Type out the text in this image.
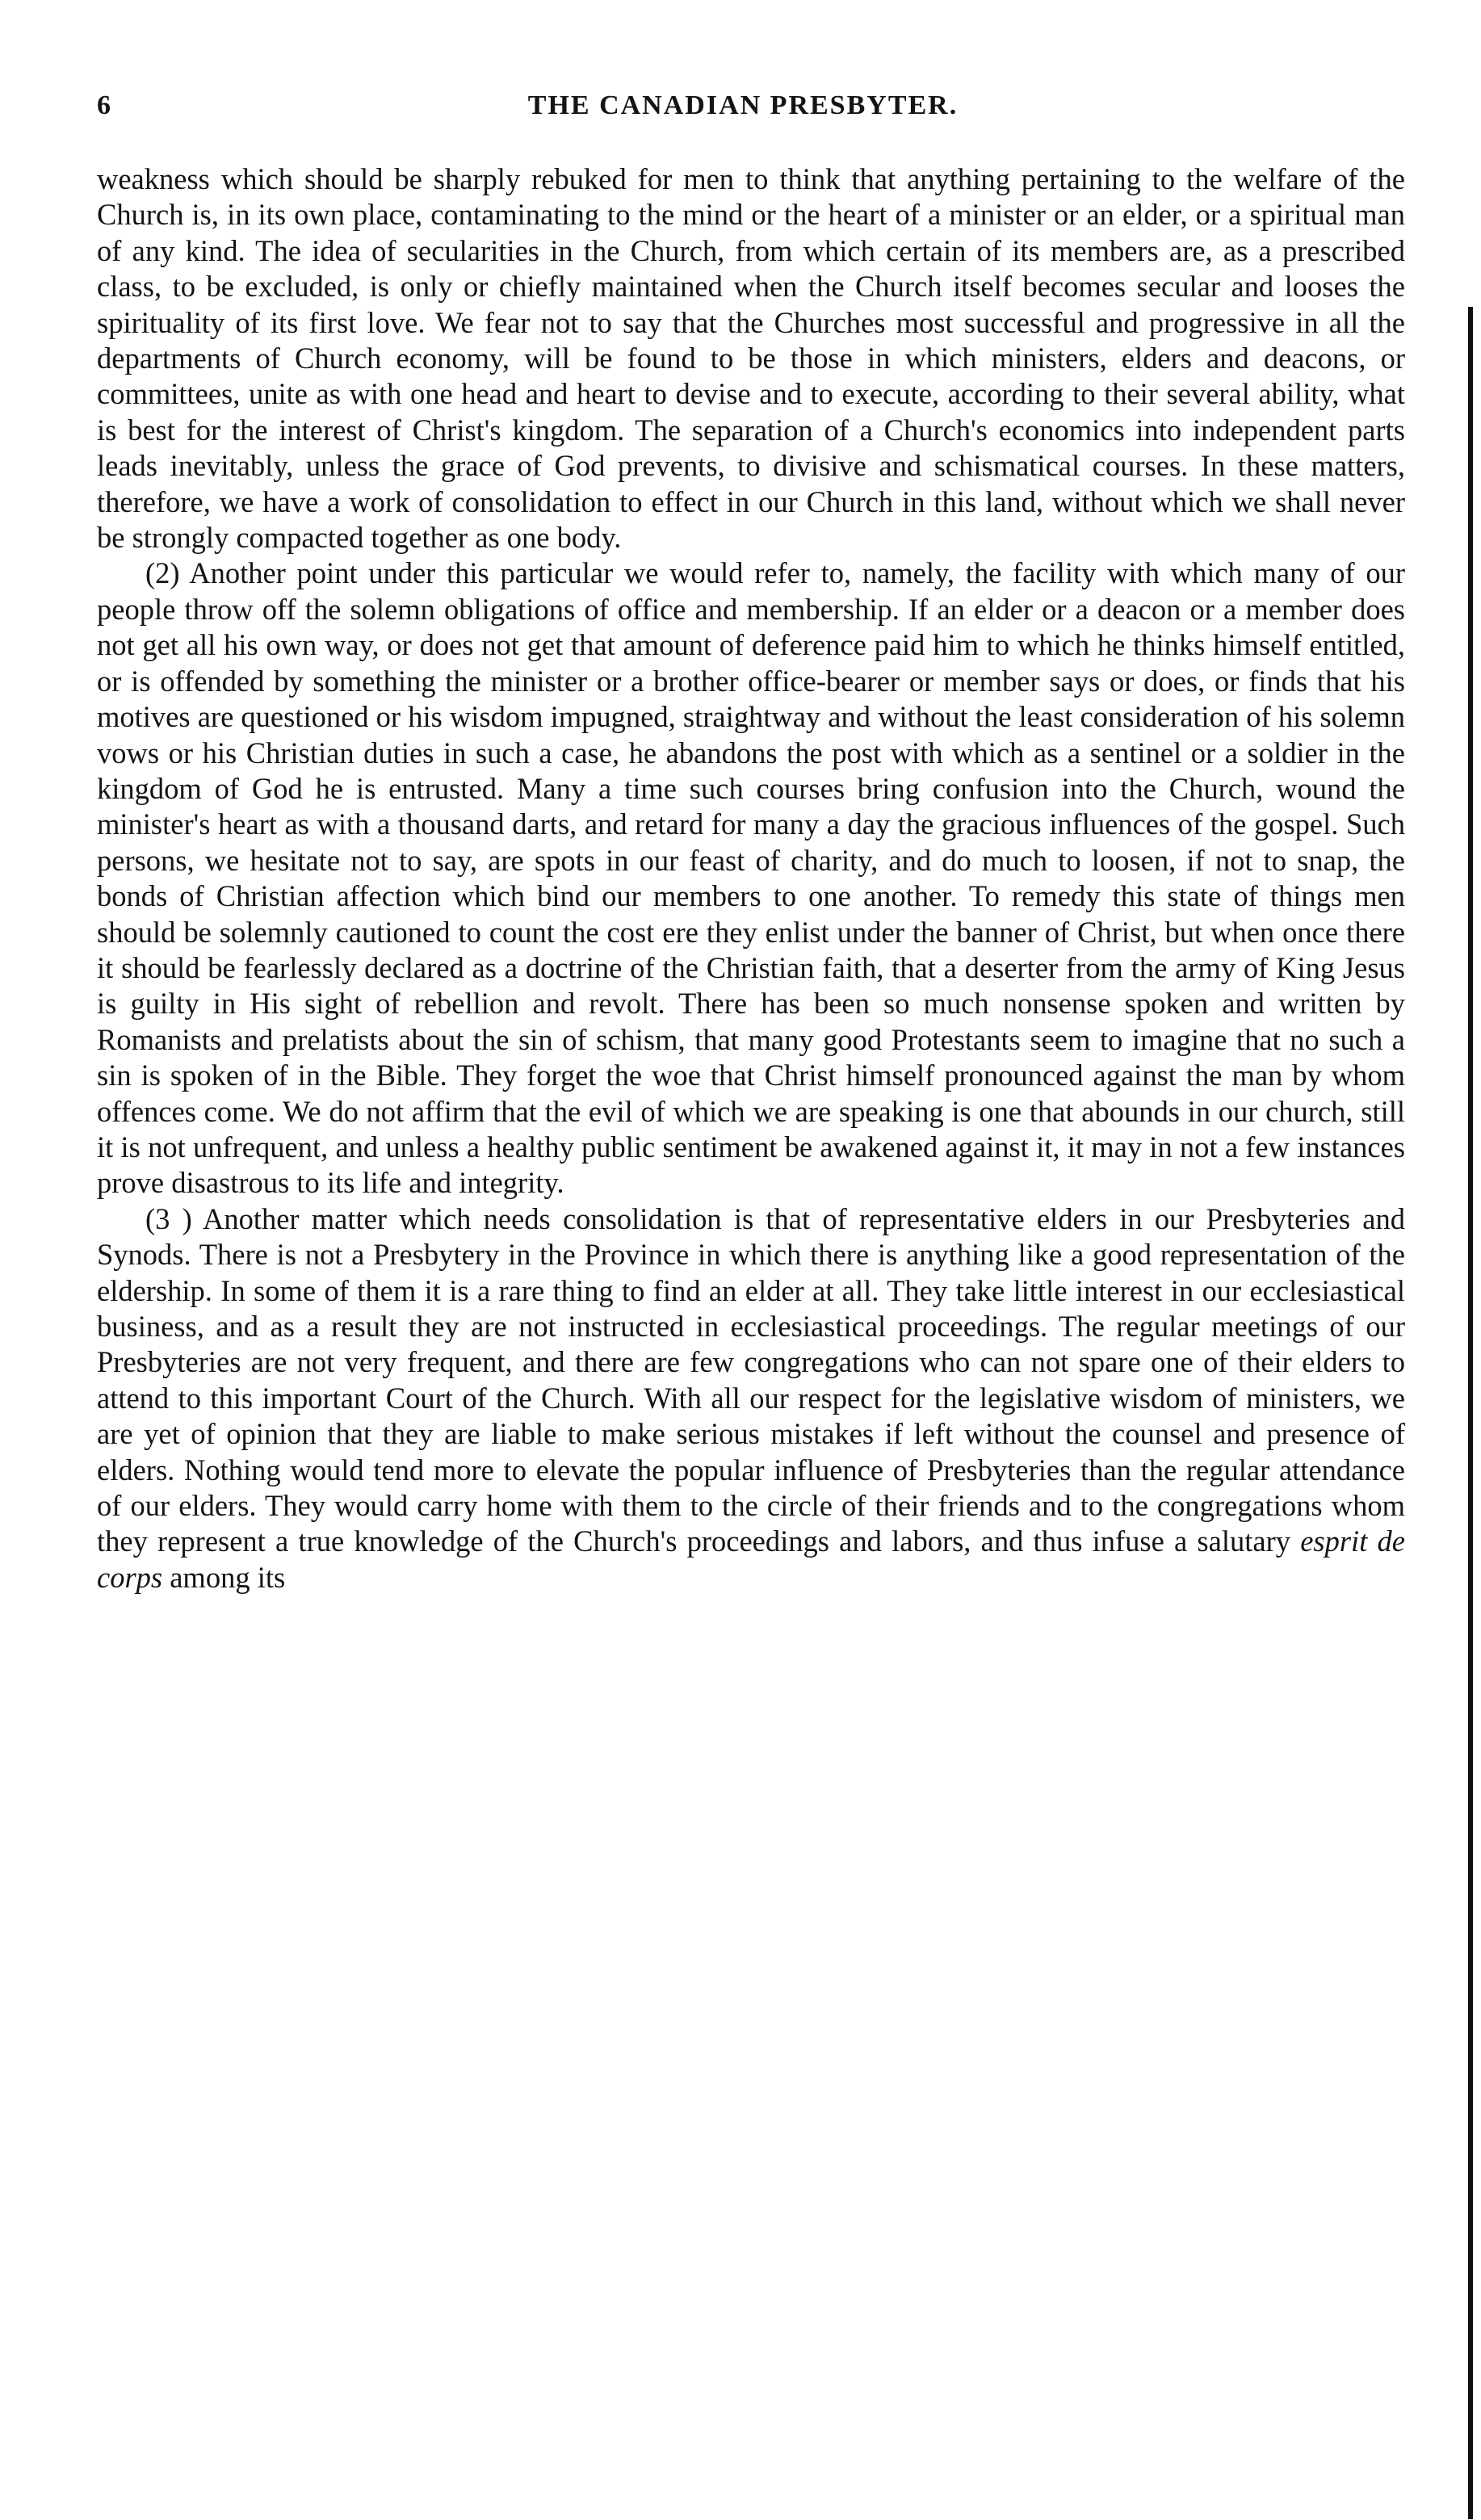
6	THE CANADIAN PRESBYTER.

weakness which should be sharply rebuked for men to think that anything pertaining to the welfare of the Church is, in its own place, contaminating to the mind or the heart of a minister or an elder, or a spiritual man of any kind. The idea of secularities in the Church, from which certain of its members are, as a prescribed class, to be excluded, is only or chiefly maintained when the Church itself becomes secular and looses the spirituality of its first love. We fear not to say that the Churches most successful and progressive in all the departments of Church economy, will be found to be those in which ministers, elders and deacons, or committees, unite as with one head and heart to devise and to execute, according to their several ability, what is best for the interest of Christ's kingdom. The separation of a Church's economics into independent parts leads inevitably, unless the grace of God prevents, to divisive and schismatical courses. In these matters, therefore, we have a work of consolidation to effect in our Church in this land, without which we shall never be strongly compacted together as one body.

(2) Another point under this particular we would refer to, namely, the facility with which many of our people throw off the solemn obligations of office and membership. If an elder or a deacon or a member does not get all his own way, or does not get that amount of deference paid him to which he thinks himself entitled, or is offended by something the minister or a brother office-bearer or member says or does, or finds that his motives are questioned or his wisdom impugned, straightway and without the least consideration of his solemn vows or his Christian duties in such a case, he abandons the post with which as a sentinel or a soldier in the kingdom of God he is entrusted. Many a time such courses bring confusion into the Church, wound the minister's heart as with a thousand darts, and retard for many a day the gracious influences of the gospel. Such persons, we hesitate not to say, are spots in our feast of charity, and do much to loosen, if not to snap, the bonds of Christian affection which bind our members to one another. To remedy this state of things men should be solemnly cautioned to count the cost ere they enlist under the banner of Christ, but when once there it should be fearlessly declared as a doctrine of the Christian faith, that a deserter from the army of King Jesus is guilty in His sight of rebellion and revolt. There has been so much nonsense spoken and written by Romanists and prelatists about the sin of schism, that many good Protestants seem to imagine that no such a sin is spoken of in the Bible. They forget the woe that Christ himself pronounced against the man by whom offences come. We do not affirm that the evil of which we are speaking is one that abounds in our church, still it is not unfrequent, and unless a healthy public sentiment be awakened against it, it may in not a few instances prove disastrous to its life and integrity.

(3 ) Another matter which needs consolidation is that of representative elders in our Presbyteries and Synods. There is not a Presbytery in the Province in which there is anything like a good representation of the eldership. In some of them it is a rare thing to find an elder at all. They take little interest in our ecclesiastical business, and as a result they are not instructed in ecclesiastical proceedings. The regular meetings of our Presbyteries are not very frequent, and there are few congregations who can not spare one of their elders to attend to this important Court of the Church. With all our respect for the legislative wisdom of ministers, we are yet of opinion that they are liable to make serious mistakes if left without the counsel and presence of elders. Nothing would tend more to elevate the popular influence of Presbyteries than the regular attendance of our elders. They would carry home with them to the circle of their friends and to the congregations whom they represent a true knowledge of the Church's proceedings and labors, and thus infuse a salutary esprit de corps among its
